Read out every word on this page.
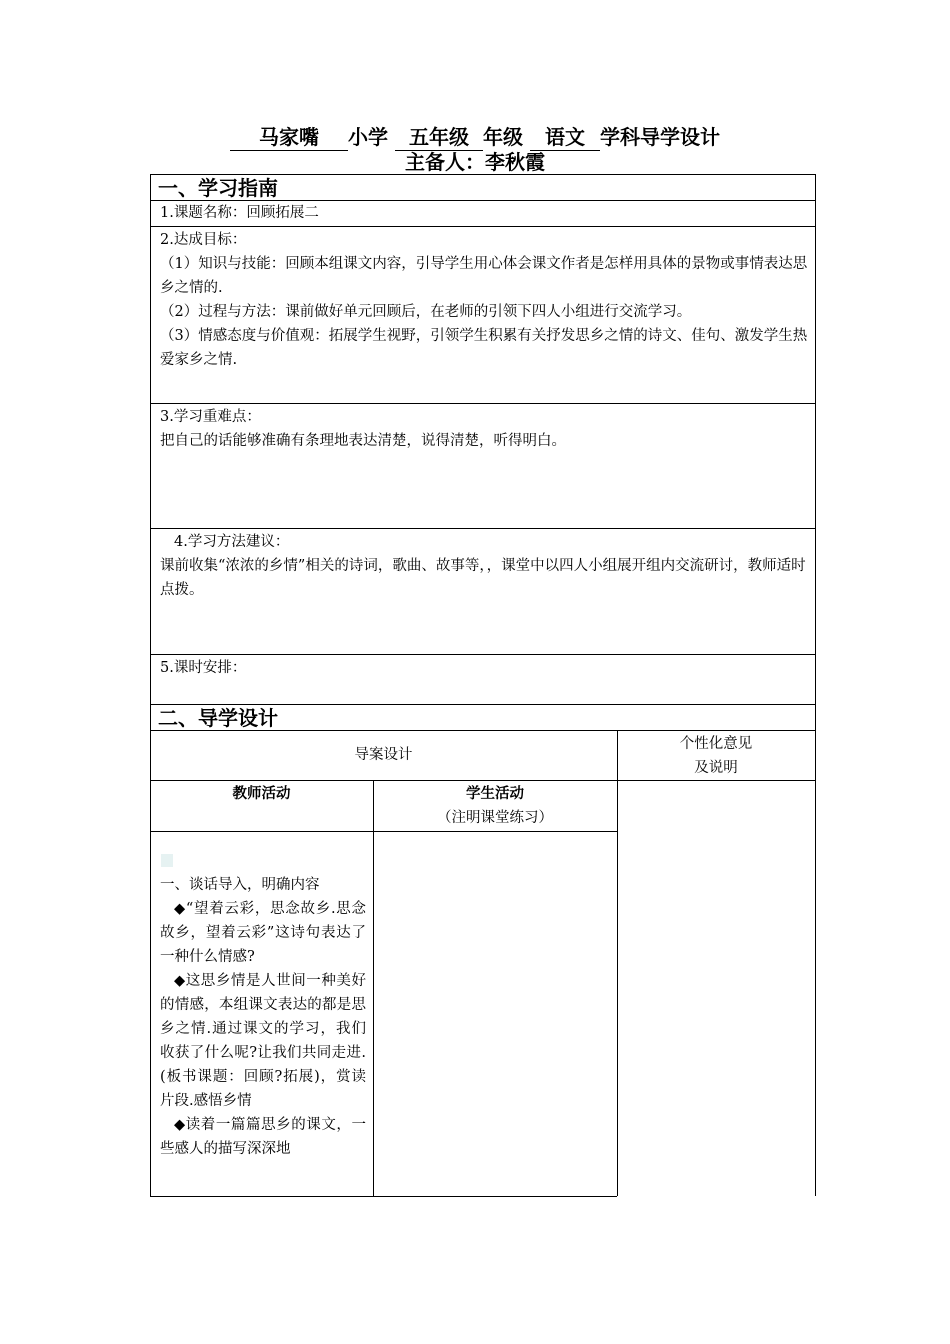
马家嘴 小学 五年级 年级 语文 学科导学设计
主备人：李秋霞
一、学习指南
1.课题名称：回顾拓展二

2.达成目标：

（1）知识与技能：回顾本组课文内容，引导学生用心体会课文作者是怎样用具体的景物或事情表达思乡之情的.

（2）过程与方法：课前做好单元回顾后，在老师的引领下四人小组进行交流学习。

（3）情感态度与价值观：拓展学生视野，引领学生积累有关抒发思乡之情的诗文、佳句、激发学生热爱家乡之情.

3.学习重难点：

把自己的话能够准确有条理地表达清楚，说得清楚，听得明白。

4.学习方法建议：

课前收集“浓浓的乡情”相关的诗词，歌曲、故事等，，课堂中以四人小组展开组内交流研讨，教师适时点拨。

5.课时安排：
二、导学设计
导案设计
个性化意见
及说明
教师活动	学生活动
（注明课堂练习）

一、谈话导入，明确内容

◆“望着云彩，思念故乡.思念故乡，望着云彩”这诗句表达了一种什么情感?

◆这思乡情是人世间一种美好的情感，本组课文表达的都是思乡之情.通过课文的学习，我们收获了什么呢?让我们共同走进.(板书课题：回顾?拓展)，赏读片段.感悟乡情

◆读着一篇篇思乡的课文，一些感人的描写深深地
